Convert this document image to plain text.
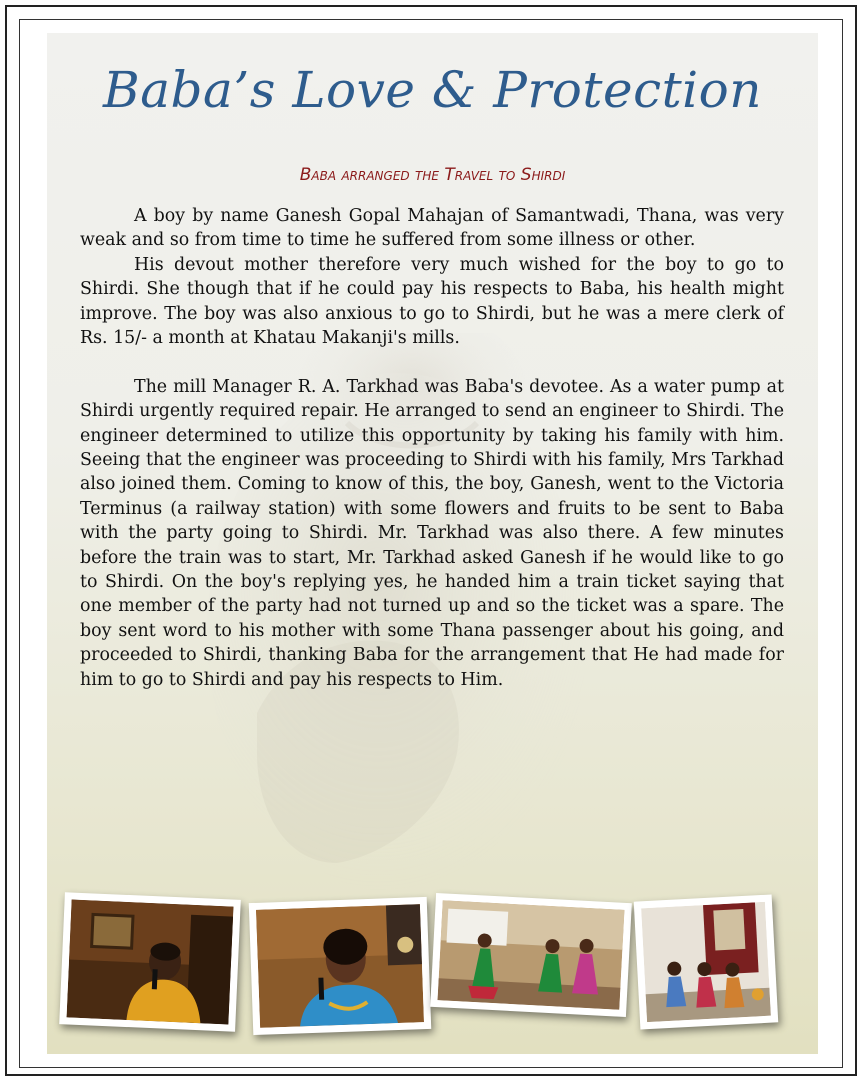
Baba’s Love & Protection
Baba arranged the Travel to Shirdi

A boy by name Ganesh Gopal Mahajan of Samantwadi, Thana, was very weak and so from time to time he suffered from some illness or other.

His devout mother therefore very much wished for the boy to go to Shirdi. She though that if he could pay his respects to Baba, his health might improve. The boy was also anxious to go to Shirdi, but he was a mere clerk of Rs. 15/- a month at Khatau Makanji's mills.

The mill Manager R. A. Tarkhad was Baba's devotee. As a water pump at Shirdi urgently required repair. He arranged to send an engineer to Shirdi. The engineer determined to utilize this opportunity by taking his family with him. Seeing that the engineer was proceeding to Shirdi with his family, Mrs Tarkhad also joined them. Coming to know of this, the boy, Ganesh, went to the Victoria Terminus (a railway station) with some flowers and fruits to be sent to Baba with the party going to Shirdi. Mr. Tarkhad was also there. A few minutes before the train was to start, Mr. Tarkhad asked Ganesh if he would like to go to Shirdi. On the boy's replying yes, he handed him a train ticket saying that one member of the party had not turned up and so the ticket was a spare. The boy sent word to his mother with some Thana passenger about his going, and proceeded to Shirdi, thanking Baba for the arrangement that He had made for him to go to Shirdi and pay his respects to Him.
